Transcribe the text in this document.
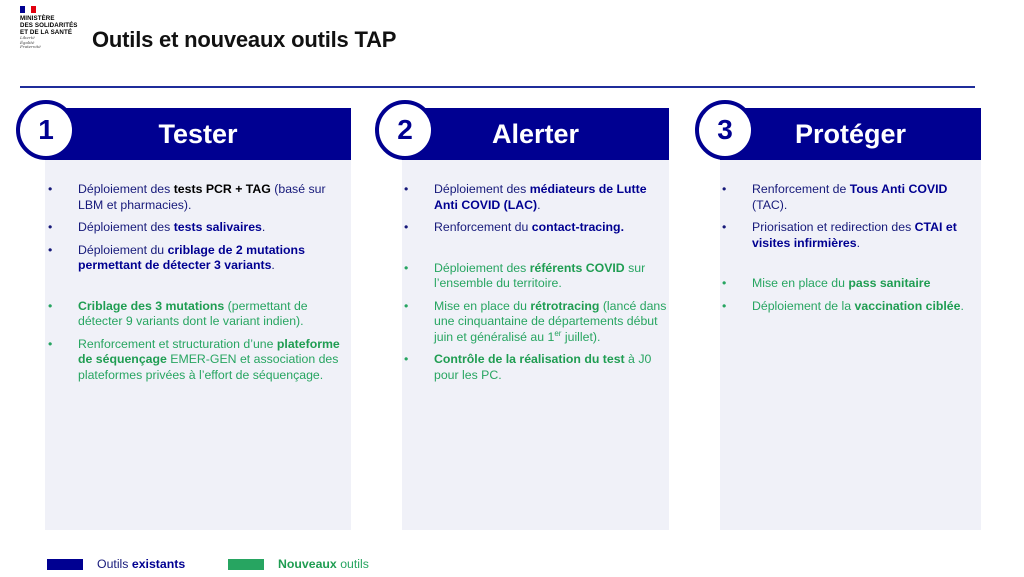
MINISTÈRE
DES SOLIDARITÉS
ET DE LA SANTÉ
Liberté
Égalité
Fraternité	Outils et nouveaux outils TAP
Tester
1
• Déploiement des tests PCR + TAG (basé sur LBM et pharmacies).
• Déploiement des tests salivaires.
• Déploiement du criblage de 2 mutations permettant de détecter 3 variants.
• Criblage des 3 mutations (permettant de détecter 9 variants dont le variant indien).
• Renforcement et structuration d’une plateforme de séquençage EMER-GEN et association des plateformes privées à l’effort de séquençage.
Alerter
2
• Déploiement des médiateurs de Lutte Anti COVID (LAC).
• Renforcement du contact-tracing.
• Déploiement des référents COVID sur l’ensemble du territoire.
• Mise en place du rétrotracing (lancé dans une cinquantaine de départements début juin et généralisé au 1er juillet).
• Contrôle de la réalisation du test à J0 pour les PC.
Protéger
3
• Renforcement de Tous Anti COVID (TAC).
• Priorisation et redirection des CTAI et visites infirmières.
• Mise en place du pass sanitaire
• Déploiement de la vaccination ciblée.
Outils existants	Nouveaux outils
